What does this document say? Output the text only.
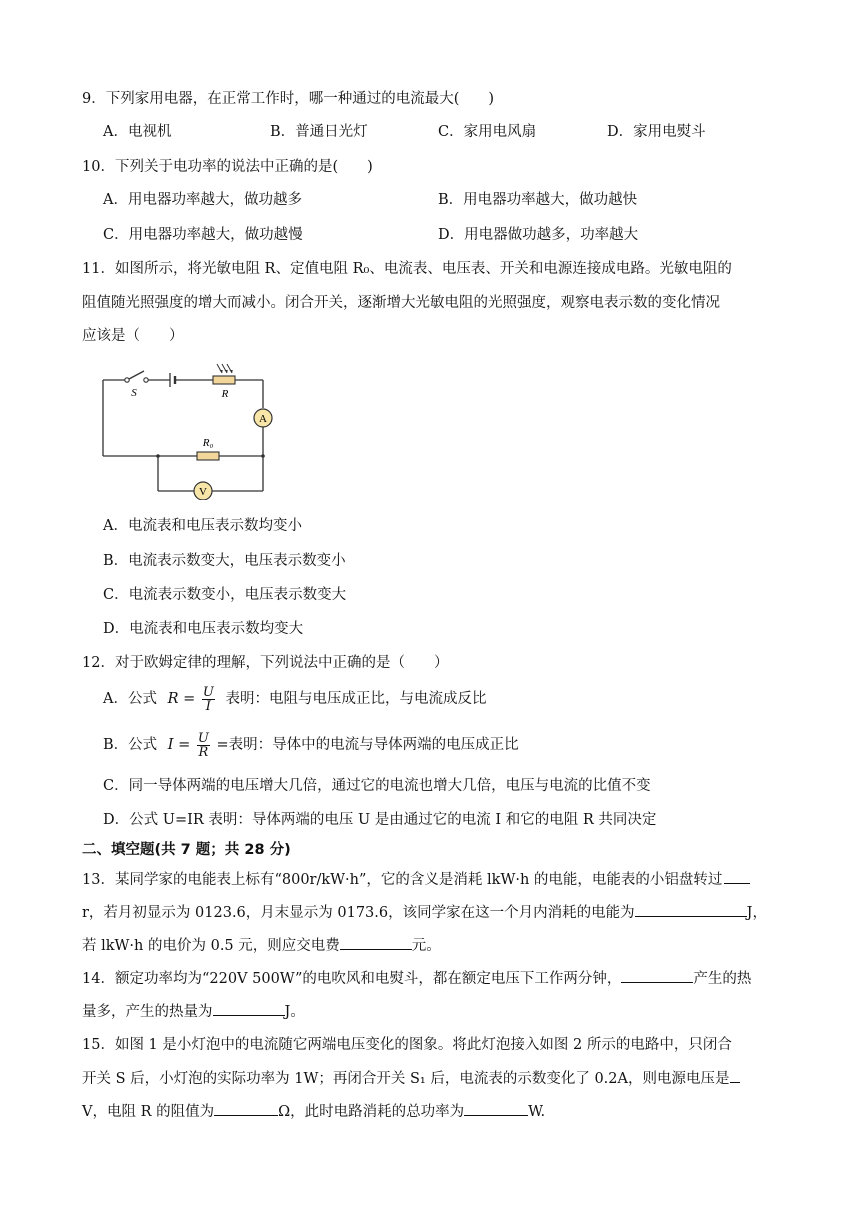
9．下列家用电器，在正常工作时，哪一种通过的电流最大(　　)
A．电视机	B．普通日光灯	C．家用电风扇	D．家用电熨斗
10．下列关于电功率的说法中正确的是(　　)
A．用电器功率越大，做功越多	B．用电器功率越大，做功越快
C．用电器功率越大，做功越慢	D．用电器做功越多，功率越大
11．如图所示，将光敏电阻 R、定值电阻 R₀、电流表、电压表、开关和电源连接成电路。光敏电阻的
阻值随光照强度的增大而减小。闭合开关，逐渐增大光敏电阻的光照强度，观察电表示数的变化情况
应该是（　　）
S	R
R₀
A
V
A．电流表和电压表示数均变小
B．电流表示数变大，电压表示数变小
C．电流表示数变小，电压表示数变大
D．电流表和电压表示数均变大
12．对于欧姆定律的理解，下列说法中正确的是（　　）
A．公式 $R = \frac{U}{I}$ 表明：电阻与电压成正比，与电流成反比
B．公式 $I = \frac{U}{R}$ =表明：导体中的电流与导体两端的电压成正比
C．同一导体两端的电压增大几倍，通过它的电流也增大几倍，电压与电流的比值不变
D．公式 U=IR 表明：导体两端的电压 U 是由通过它的电流 I 和它的电阻 R 共同决定
二、填空题(共 7 题；共 28 分)
13．某同学家的电能表上标有“800r/kW·h”，它的含义是消耗 lkW·h 的电能，电能表的小铝盘转过
r，若月初显示为 0123.6，月末显示为 0173.6，该同学家在这一个月内消耗的电能为	J，
若 lkW·h 的电价为 0.5 元，则应交电费	元。
14．额定功率均为“220V 500W”的电吹风和电熨斗，都在额定电压下工作两分钟，	产生的热
量多，产生的热量为	J。
15．如图 1 是小灯泡中的电流随它两端电压变化的图象。将此灯泡接入如图 2 所示的电路中，只闭合
开关 S 后，小灯泡的实际功率为 1W；再闭合开关 S₁ 后，电流表的示数变化了 0.2A，则电源电压是
V，电阻 R 的阻值为	Ω，此时电路消耗的总功率为	W.
